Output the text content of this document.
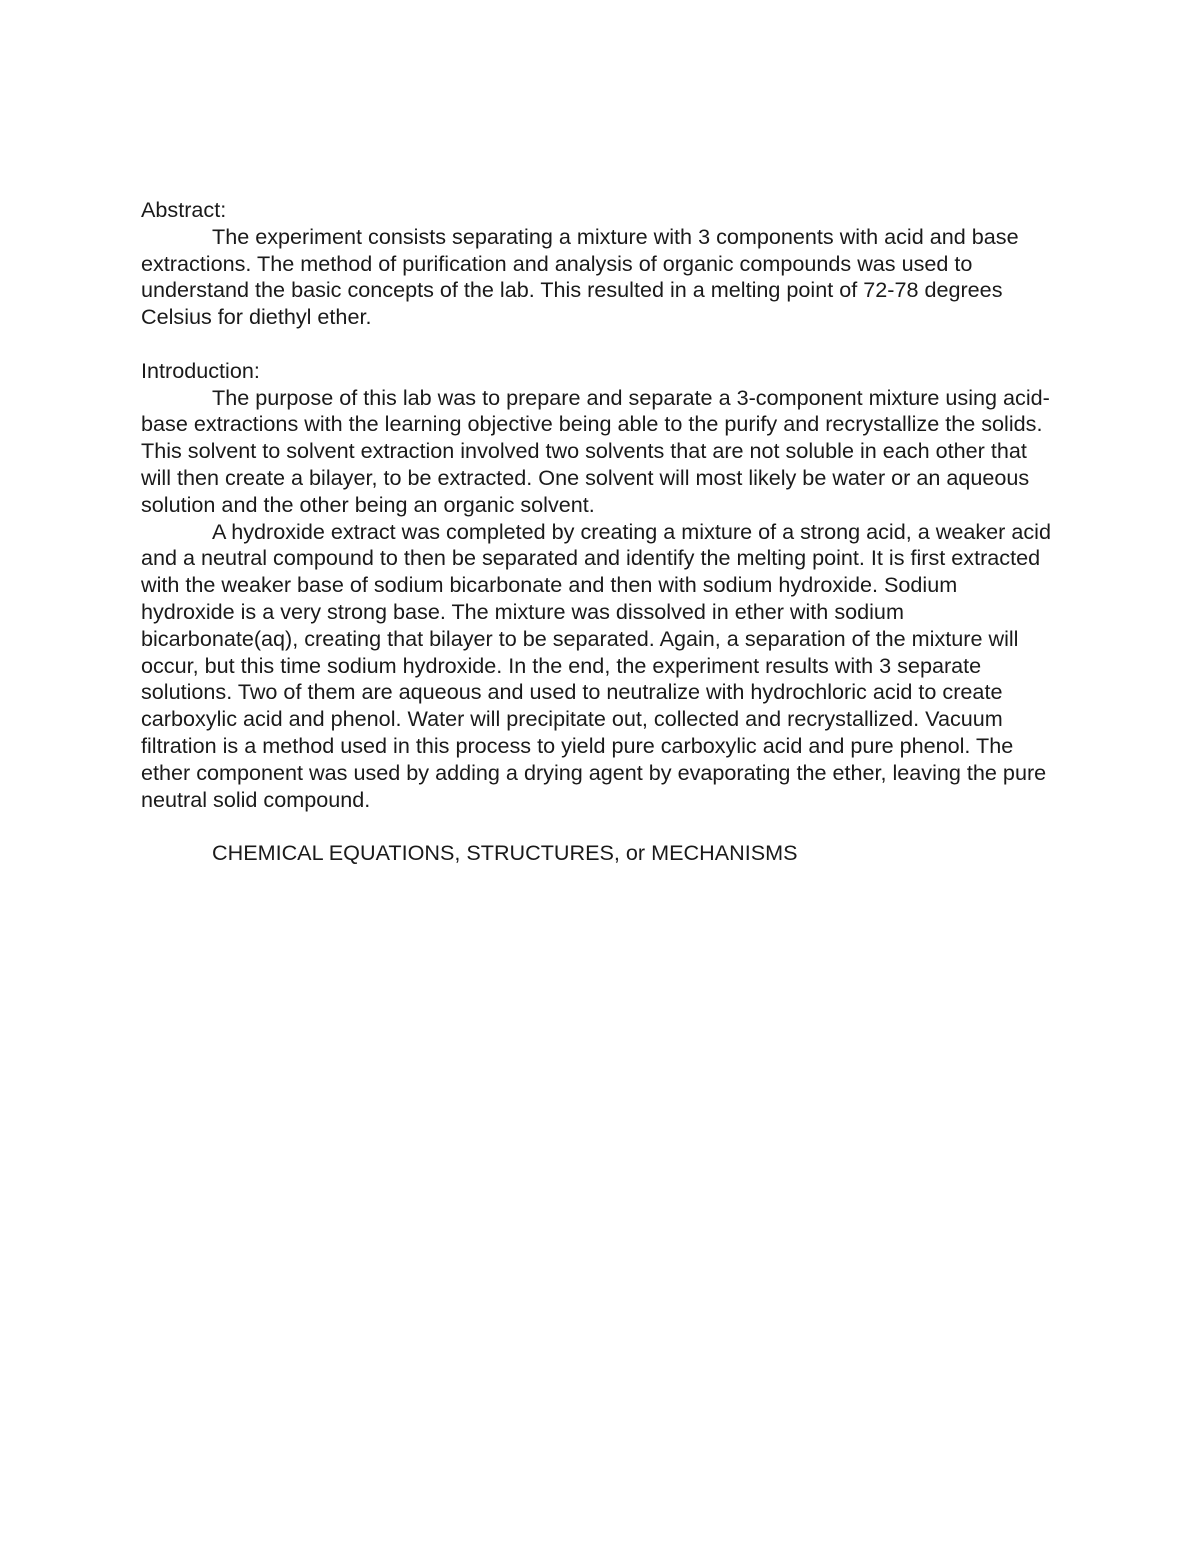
Abstract:

The experiment consists separating a mixture with 3 components with acid and base extractions. The method of purification and analysis of organic compounds was used to understand the basic concepts of the lab. This resulted in a melting point of 72-78 degrees Celsius for diethyl ether.

Introduction:

The purpose of this lab was to prepare and separate a 3-component mixture using acid-base extractions with the learning objective being able to the purify and recrystallize the solids. This solvent to solvent extraction involved two solvents that are not soluble in each other that will then create a bilayer, to be extracted. One solvent will most likely be water or an aqueous solution and the other being an organic solvent.

A hydroxide extract was completed by creating a mixture of a strong acid, a weaker acid and a neutral compound to then be separated and identify the melting point. It is first extracted with the weaker base of sodium bicarbonate and then with sodium hydroxide. Sodium hydroxide is a very strong base. The mixture was dissolved in ether with sodium bicarbonate(aq), creating that bilayer to be separated. Again, a separation of the mixture will occur, but this time sodium hydroxide. In the end, the experiment results with 3 separate solutions. Two of them are aqueous and used to neutralize with hydrochloric acid to create carboxylic acid and phenol. Water will precipitate out, collected and recrystallized. Vacuum filtration is a method used in this process to yield pure carboxylic acid and pure phenol. The ether component was used by adding a drying agent by evaporating the ether, leaving the pure neutral solid compound.

CHEMICAL EQUATIONS, STRUCTURES, or MECHANISMS
